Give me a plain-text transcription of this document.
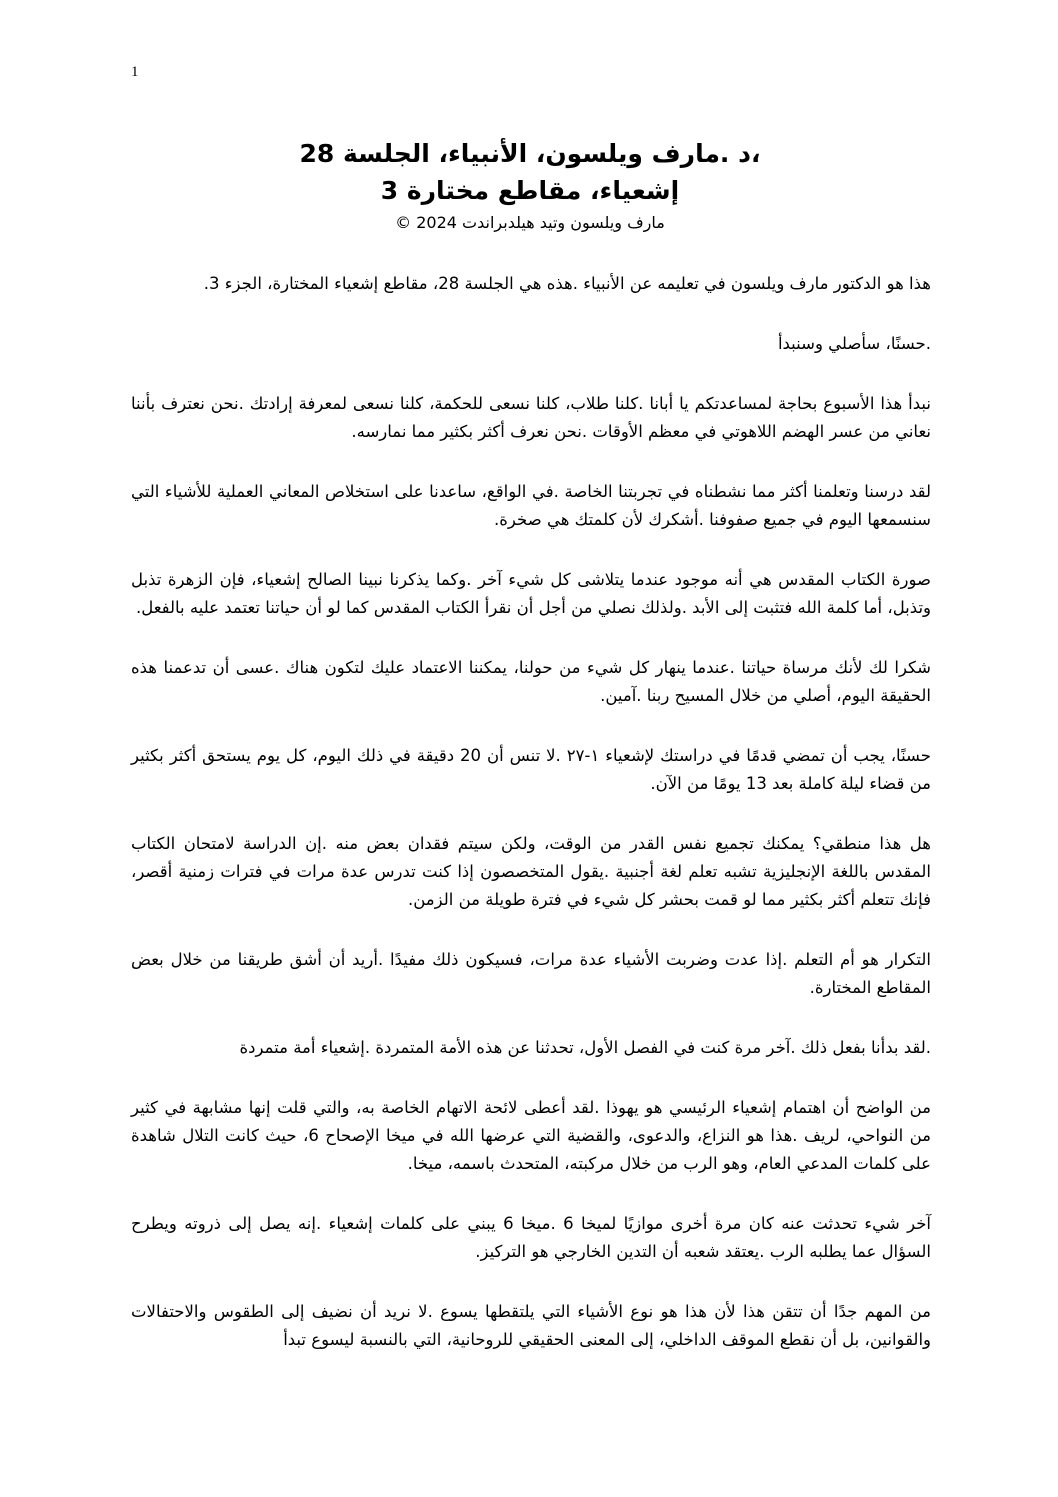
1
،د .مارف ويلسون، الأنبياء، الجلسة 28
إشعياء، مقاطع مختارة 3
مارف ويلسون وتيد هيلدبراندت 2024 ©

هذا هو الدكتور مارف ويلسون في تعليمه عن الأنبياء .هذه هي الجلسة 28، مقاطع إشعياء المختارة، الجزء 3.

.حسنًا، سأصلي وسنبدأ

نبدأ هذا الأسبوع بحاجة لمساعدتكم يا أبانا .كلنا طلاب، كلنا نسعى للحكمة، كلنا نسعى لمعرفة إرادتك .نحن نعترف بأننا نعاني من عسر الهضم اللاهوتي في معظم الأوقات .نحن نعرف أكثر بكثير مما نمارسه.

لقد درسنا وتعلمنا أكثر مما نشطناه في تجربتنا الخاصة .في الواقع، ساعدنا على استخلاص المعاني العملية للأشياء التي سنسمعها اليوم في جميع صفوفنا .أشكرك لأن كلمتك هي صخرة.

صورة الكتاب المقدس هي أنه موجود عندما يتلاشى كل شيء آخر .وكما يذكرنا نبينا الصالح إشعياء، فإن الزهرة تذبل وتذبل، أما كلمة الله فتثبت إلى الأبد .ولذلك نصلي من أجل أن نقرأ الكتاب المقدس كما لو أن حياتنا تعتمد عليه بالفعل.

شكرا لك لأنك مرساة حياتنا .عندما ينهار كل شيء من حولنا، يمكننا الاعتماد عليك لتكون هناك .عسى أن تدعمنا هذه الحقيقة اليوم، أصلي من خلال المسيح ربنا .آمين.

حسنًا، يجب أن تمضي قدمًا في دراستك لإشعياء ١-٢٧ .لا تنس أن 20 دقيقة في ذلك اليوم، كل يوم يستحق أكثر بكثير من قضاء ليلة كاملة بعد 13 يومًا من الآن.

هل هذا منطقي؟ يمكنك تجميع نفس القدر من الوقت، ولكن سيتم فقدان بعض منه .إن الدراسة لامتحان الكتاب المقدس باللغة الإنجليزية تشبه تعلم لغة أجنبية .يقول المتخصصون إذا كنت تدرس عدة مرات في فترات زمنية أقصر، فإنك تتعلم أكثر بكثير مما لو قمت بحشر كل شيء في فترة طويلة من الزمن.

التكرار هو أم التعلم .إذا عدت وضربت الأشياء عدة مرات، فسيكون ذلك مفيدًا .أريد أن أشق طريقنا من خلال بعض المقاطع المختارة.

.لقد بدأنا بفعل ذلك .آخر مرة كنت في الفصل الأول، تحدثنا عن هذه الأمة المتمردة .إشعياء أمة متمردة

من الواضح أن اهتمام إشعياء الرئيسي هو يهوذا .لقد أعطى لائحة الاتهام الخاصة به، والتي قلت إنها مشابهة في كثير من النواحي، لريف .هذا هو النزاع، والدعوى، والقضية التي عرضها الله في ميخا الإصحاح 6، حيث كانت التلال شاهدة على كلمات المدعي العام، وهو الرب من خلال مركبته، المتحدث باسمه، ميخا.

آخر شيء تحدثت عنه كان مرة أخرى موازيًا لميخا 6 .ميخا 6 يبني على كلمات إشعياء .إنه يصل إلى ذروته ويطرح السؤال عما يطلبه الرب .يعتقد شعبه أن التدين الخارجي هو التركيز.

من المهم جدًا أن تتقن هذا لأن هذا هو نوع الأشياء التي يلتقطها يسوع .لا نريد أن نضيف إلى الطقوس والاحتفالات والقوانين، بل أن نقطع الموقف الداخلي، إلى المعنى الحقيقي للروحانية، التي بالنسبة ليسوع تبدأ
